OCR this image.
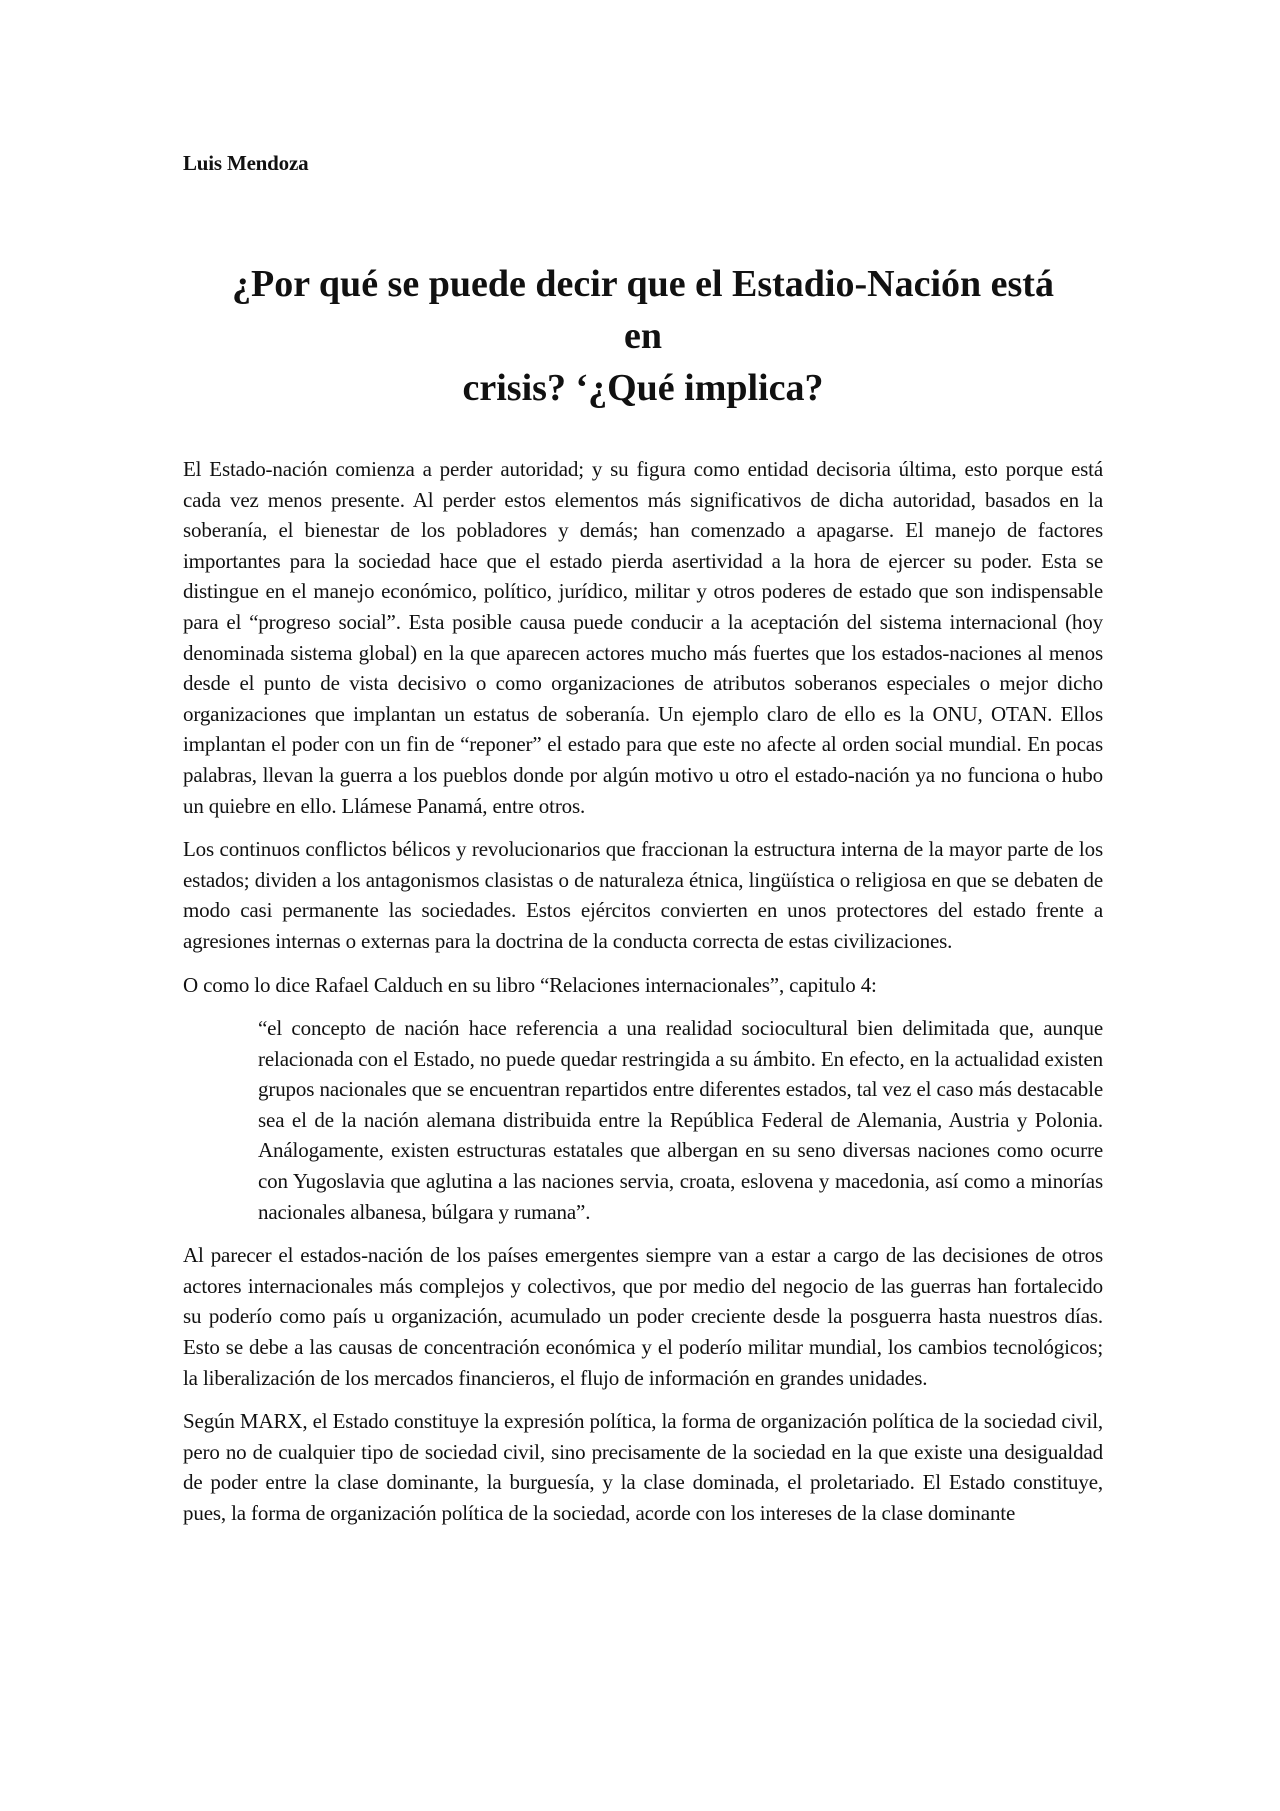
Luis Mendoza

¿Por qué se puede decir que el Estadio-Nación está en
crisis? ‘¿Qué implica?

El Estado-nación comienza a perder autoridad; y su figura como entidad decisoria última, esto porque está cada vez menos presente. Al perder estos elementos más significativos de dicha autoridad, basados en la soberanía, el bienestar de los pobladores y demás; han comenzado a apagarse. El manejo de factores importantes para la sociedad hace que el estado pierda asertividad a la hora de ejercer su poder. Esta se distingue en el manejo económico, político, jurídico, militar y otros poderes de estado que son indispensable para el “progreso social”. Esta posible causa puede conducir a la aceptación del sistema internacional (hoy denominada sistema global) en la que aparecen actores mucho más fuertes que los estados-naciones al menos desde el punto de vista decisivo o como organizaciones de atributos soberanos especiales o mejor dicho organizaciones que implantan un estatus de soberanía. Un ejemplo claro de ello es la ONU, OTAN. Ellos implantan el poder con un fin de “reponer” el estado para que este no afecte al orden social mundial. En pocas palabras, llevan la guerra a los pueblos donde por algún motivo u otro el estado-nación ya no funciona o hubo un quiebre en ello. Llámese Panamá, entre otros.

Los continuos conflictos bélicos y revolucionarios que fraccionan la estructura interna de la mayor parte de los estados; dividen a los antagonismos clasistas o de naturaleza étnica, lingüística o religiosa en que se debaten de modo casi permanente las sociedades. Estos ejércitos convierten en unos protectores del estado frente a agresiones internas o externas para la doctrina de la conducta correcta de estas civilizaciones.

O como lo dice Rafael Calduch en su libro “Relaciones internacionales”, capitulo 4:

“el concepto de nación hace referencia a una realidad sociocultural bien delimitada que, aunque relacionada con el Estado, no puede quedar restringida a su ámbito. En efecto, en la actualidad existen grupos nacionales que se encuentran repartidos entre diferentes estados, tal vez el caso más destacable sea el de la nación alemana distribuida entre la República Federal de Alemania, Austria y Polonia. Análogamente, existen estructuras estatales que albergan en su seno diversas naciones como ocurre con Yugoslavia que aglutina a las naciones servia, croata, eslovena y macedonia, así como a minorías nacionales albanesa, búlgara y rumana”.

Al parecer el estados-nación de los países emergentes siempre van a estar a cargo de las decisiones de otros actores internacionales más complejos y colectivos, que por medio del negocio de las guerras han fortalecido su poderío como país u organización, acumulado un poder creciente desde la posguerra hasta nuestros días. Esto se debe a las causas de concentración económica y el poderío militar mundial, los cambios tecnológicos; la liberalización de los mercados financieros, el flujo de información en grandes unidades.

Según MARX, el Estado constituye la expresión política, la forma de organización política de la sociedad civil, pero no de cualquier tipo de sociedad civil, sino precisamente de la sociedad en la que existe una desigualdad de poder entre la clase dominante, la burguesía, y la clase dominada, el proletariado. El Estado constituye, pues, la forma de organización política de la sociedad, acorde con los intereses de la clase dominante
